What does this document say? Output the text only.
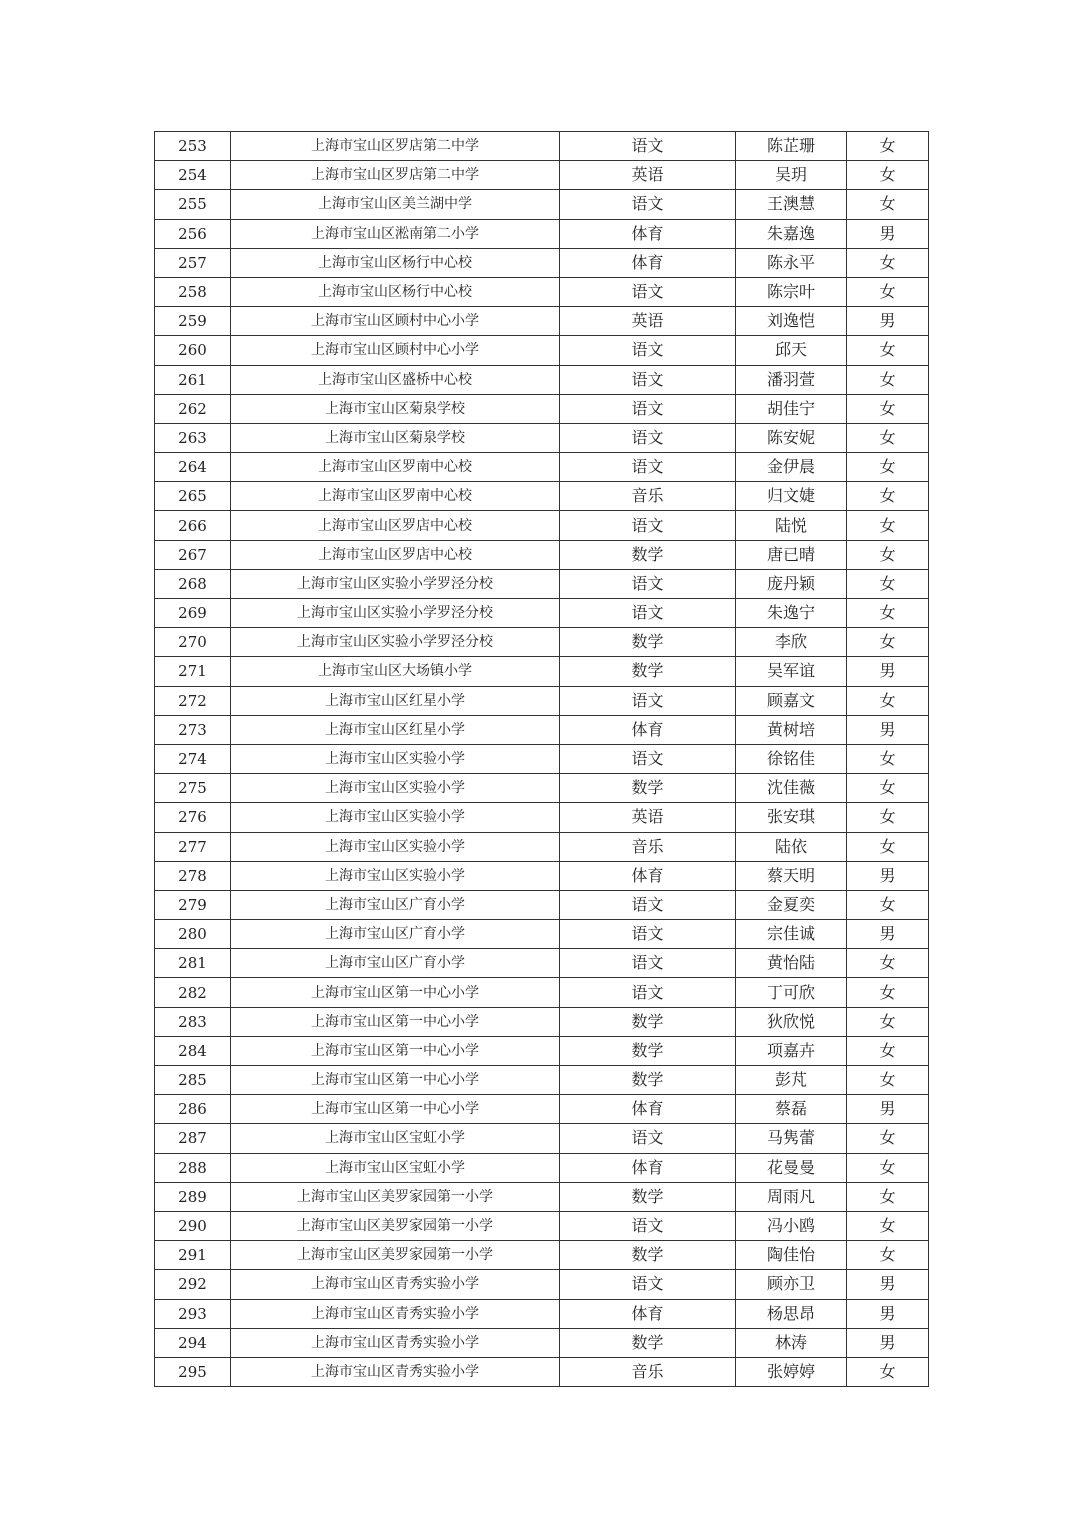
253	上海市宝山区罗店第二中学	语文	陈芷珊	女
254	上海市宝山区罗店第二中学	英语	吴玥	女
255	上海市宝山区美兰湖中学	语文	王澳慧	女
256	上海市宝山区淞南第二小学	体育	朱嘉逸	男
257	上海市宝山区杨行中心校	体育	陈永平	女
258	上海市宝山区杨行中心校	语文	陈宗叶	女
259	上海市宝山区顾村中心小学	英语	刘逸恺	男
260	上海市宝山区顾村中心小学	语文	邱天	女
261	上海市宝山区盛桥中心校	语文	潘羽萱	女
262	上海市宝山区菊泉学校	语文	胡佳宁	女
263	上海市宝山区菊泉学校	语文	陈安妮	女
264	上海市宝山区罗南中心校	语文	金伊晨	女
265	上海市宝山区罗南中心校	音乐	归文婕	女
266	上海市宝山区罗店中心校	语文	陆悦	女
267	上海市宝山区罗店中心校	数学	唐已晴	女
268	上海市宝山区实验小学罗泾分校	语文	庞丹颖	女
269	上海市宝山区实验小学罗泾分校	语文	朱逸宁	女
270	上海市宝山区实验小学罗泾分校	数学	李欣	女
271	上海市宝山区大场镇小学	数学	吴军谊	男
272	上海市宝山区红星小学	语文	顾嘉文	女
273	上海市宝山区红星小学	体育	黄树培	男
274	上海市宝山区实验小学	语文	徐铭佳	女
275	上海市宝山区实验小学	数学	沈佳薇	女
276	上海市宝山区实验小学	英语	张安琪	女
277	上海市宝山区实验小学	音乐	陆依	女
278	上海市宝山区实验小学	体育	蔡天明	男
279	上海市宝山区广育小学	语文	金夏奕	女
280	上海市宝山区广育小学	语文	宗佳诚	男
281	上海市宝山区广育小学	语文	黄怡陆	女
282	上海市宝山区第一中心小学	语文	丁可欣	女
283	上海市宝山区第一中心小学	数学	狄欣悦	女
284	上海市宝山区第一中心小学	数学	项嘉卉	女
285	上海市宝山区第一中心小学	数学	彭芃	女
286	上海市宝山区第一中心小学	体育	蔡磊	男
287	上海市宝山区宝虹小学	语文	马隽蕾	女
288	上海市宝山区宝虹小学	体育	花曼曼	女
289	上海市宝山区美罗家园第一小学	数学	周雨凡	女
290	上海市宝山区美罗家园第一小学	语文	冯小鸥	女
291	上海市宝山区美罗家园第一小学	数学	陶佳怡	女
292	上海市宝山区青秀实验小学	语文	顾亦卫	男
293	上海市宝山区青秀实验小学	体育	杨思昂	男
294	上海市宝山区青秀实验小学	数学	林涛	男
295	上海市宝山区青秀实验小学	音乐	张婷婷	女
